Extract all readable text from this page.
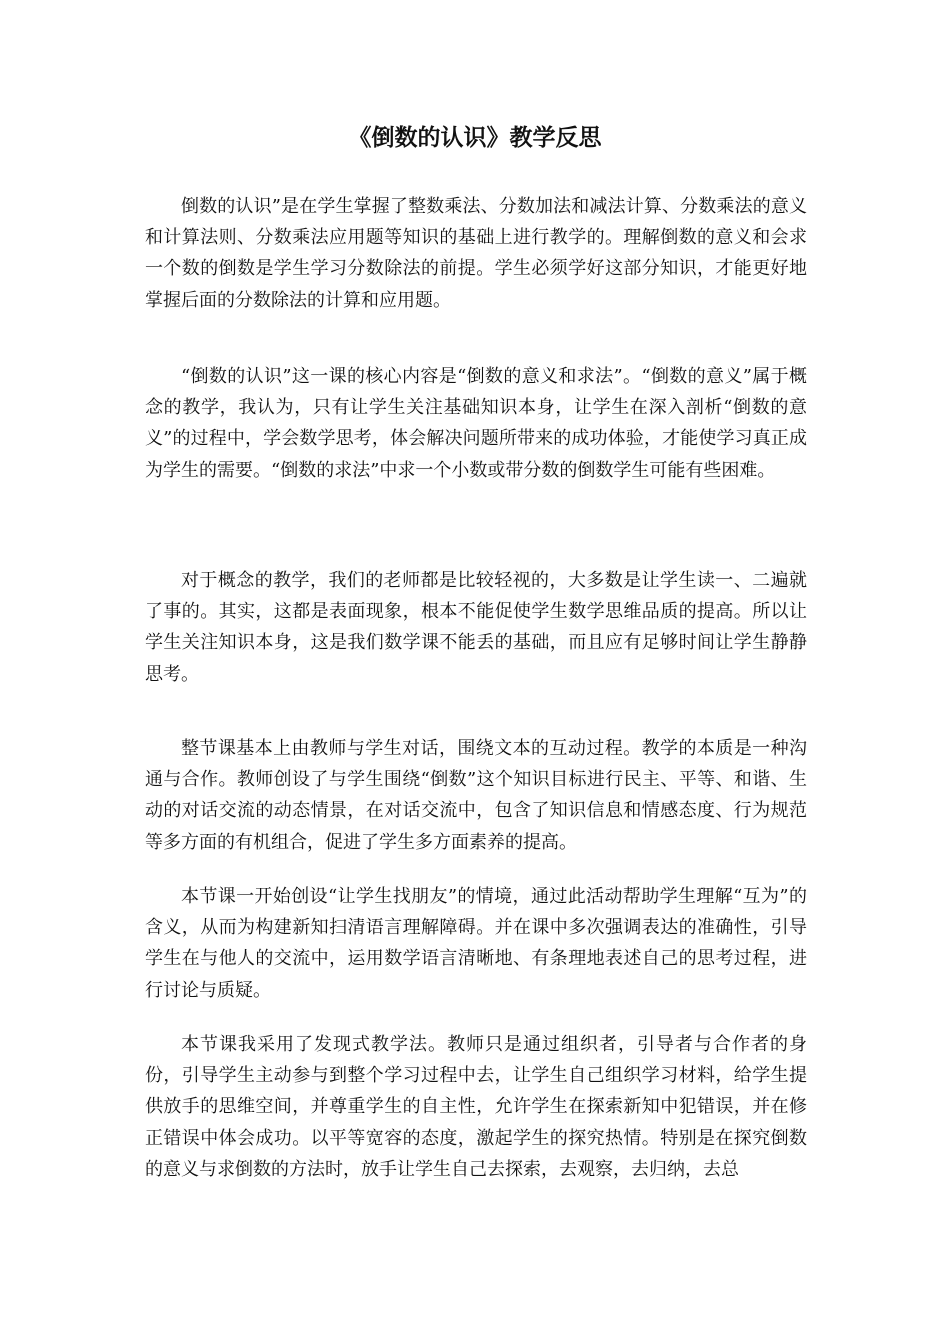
《倒数的认识》教学反思

倒数的认识”是在学生掌握了整数乘法、分数加法和减法计算、分数乘法的意义和计算法则、分数乘法应用题等知识的基础上进行教学的。理解倒数的意义和会求一个数的倒数是学生学习分数除法的前提。学生必须学好这部分知识，才能更好地掌握后面的分数除法的计算和应用题。

“倒数的认识”这一课的核心内容是“倒数的意义和求法”。“倒数的意义”属于概念的教学，我认为，只有让学生关注基础知识本身，让学生在深入剖析“倒数的意义”的过程中，学会数学思考，体会解决问题所带来的成功体验，才能使学习真正成为学生的需要。“倒数的求法”中求一个小数或带分数的倒数学生可能有些困难。

对于概念的教学，我们的老师都是比较轻视的，大多数是让学生读一、二遍就了事的。其实，这都是表面现象，根本不能促使学生数学思维品质的提高。所以让学生关注知识本身，这是我们数学课不能丢的基础，而且应有足够时间让学生静静思考。

整节课基本上由教师与学生对话，围绕文本的互动过程。教学的本质是一种沟通与合作。教师创设了与学生围绕“倒数”这个知识目标进行民主、平等、和谐、生动的对话交流的动态情景，在对话交流中，包含了知识信息和情感态度、行为规范等多方面的有机组合，促进了学生多方面素养的提高。

本节课一开始创设“让学生找朋友”的情境，通过此活动帮助学生理解“互为”的含义，从而为构建新知扫清语言理解障碍。并在课中多次强调表达的准确性，引导学生在与他人的交流中，运用数学语言清晰地、有条理地表述自己的思考过程，进行讨论与质疑。

本节课我采用了发现式教学法。教师只是通过组织者，引导者与合作者的身份，引导学生主动参与到整个学习过程中去，让学生自己组织学习材料，给学生提供放手的思维空间，并尊重学生的自主性，允许学生在探索新知中犯错误，并在修正错误中体会成功。以平等宽容的态度，激起学生的探究热情。特别是在探究倒数的意义与求倒数的方法时，放手让学生自己去探索，去观察，去归纳，去总
